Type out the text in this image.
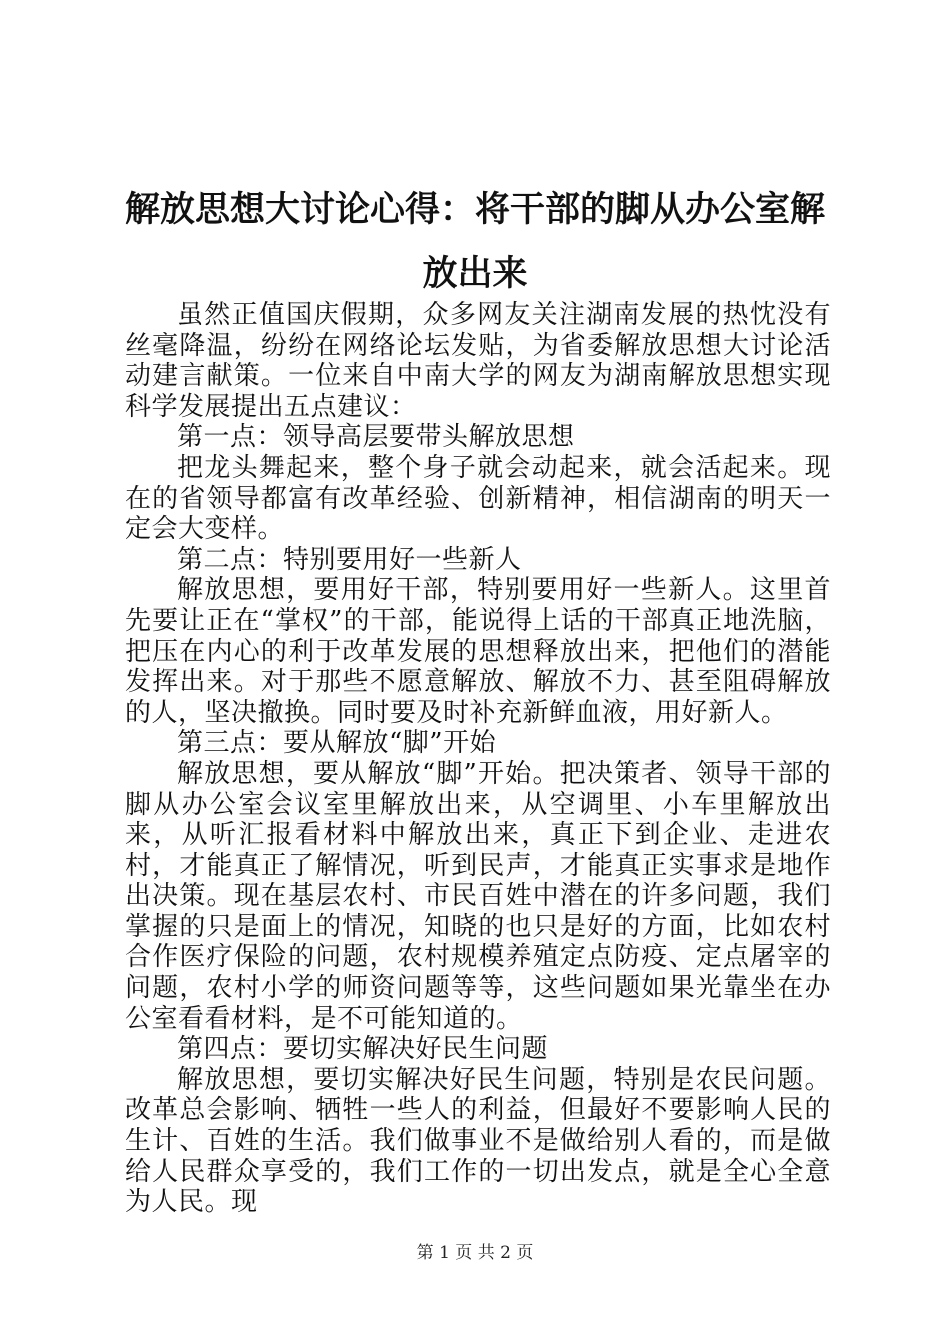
解放思想大讨论心得：将干部的脚从办公室解放出来

虽然正值国庆假期，众多网友关注湖南发展的热忱没有丝毫降温，纷纷在网络论坛发贴，为省委解放思想大讨论活动建言献策。一位来自中南大学的网友为湖南解放思想实现科学发展提出五点建议：

第一点：领导高层要带头解放思想

把龙头舞起来，整个身子就会动起来，就会活起来。现在的省领导都富有改革经验、创新精神，相信湖南的明天一定会大变样。

第二点：特别要用好一些新人

解放思想，要用好干部，特别要用好一些新人。这里首先要让正在“掌权”的干部，能说得上话的干部真正地洗脑，把压在内心的利于改革发展的思想释放出来，把他们的潜能发挥出来。对于那些不愿意解放、解放不力、甚至阻碍解放的人，坚决撤换。同时要及时补充新鲜血液，用好新人。

第三点：要从解放“脚”开始

解放思想，要从解放“脚”开始。把决策者、领导干部的脚从办公室会议室里解放出来，从空调里、小车里解放出来，从听汇报看材料中解放出来，真正下到企业、走进农村，才能真正了解情况，听到民声，才能真正实事求是地作出决策。现在基层农村、市民百姓中潜在的许多问题，我们掌握的只是面上的情况，知晓的也只是好的方面，比如农村合作医疗保险的问题，农村规模养殖定点防疫、定点屠宰的问题，农村小学的师资问题等等，这些问题如果光靠坐在办公室看看材料，是不可能知道的。

第四点：要切实解决好民生问题

解放思想，要切实解决好民生问题，特别是农民问题。改革总会影响、牺牲一些人的利益，但最好不要影响人民的生计、百姓的生活。我们做事业不是做给别人看的，而是做给人民群众享受的，我们工作的一切出发点，就是全心全意为人民。现

第 1 页 共 2 页
